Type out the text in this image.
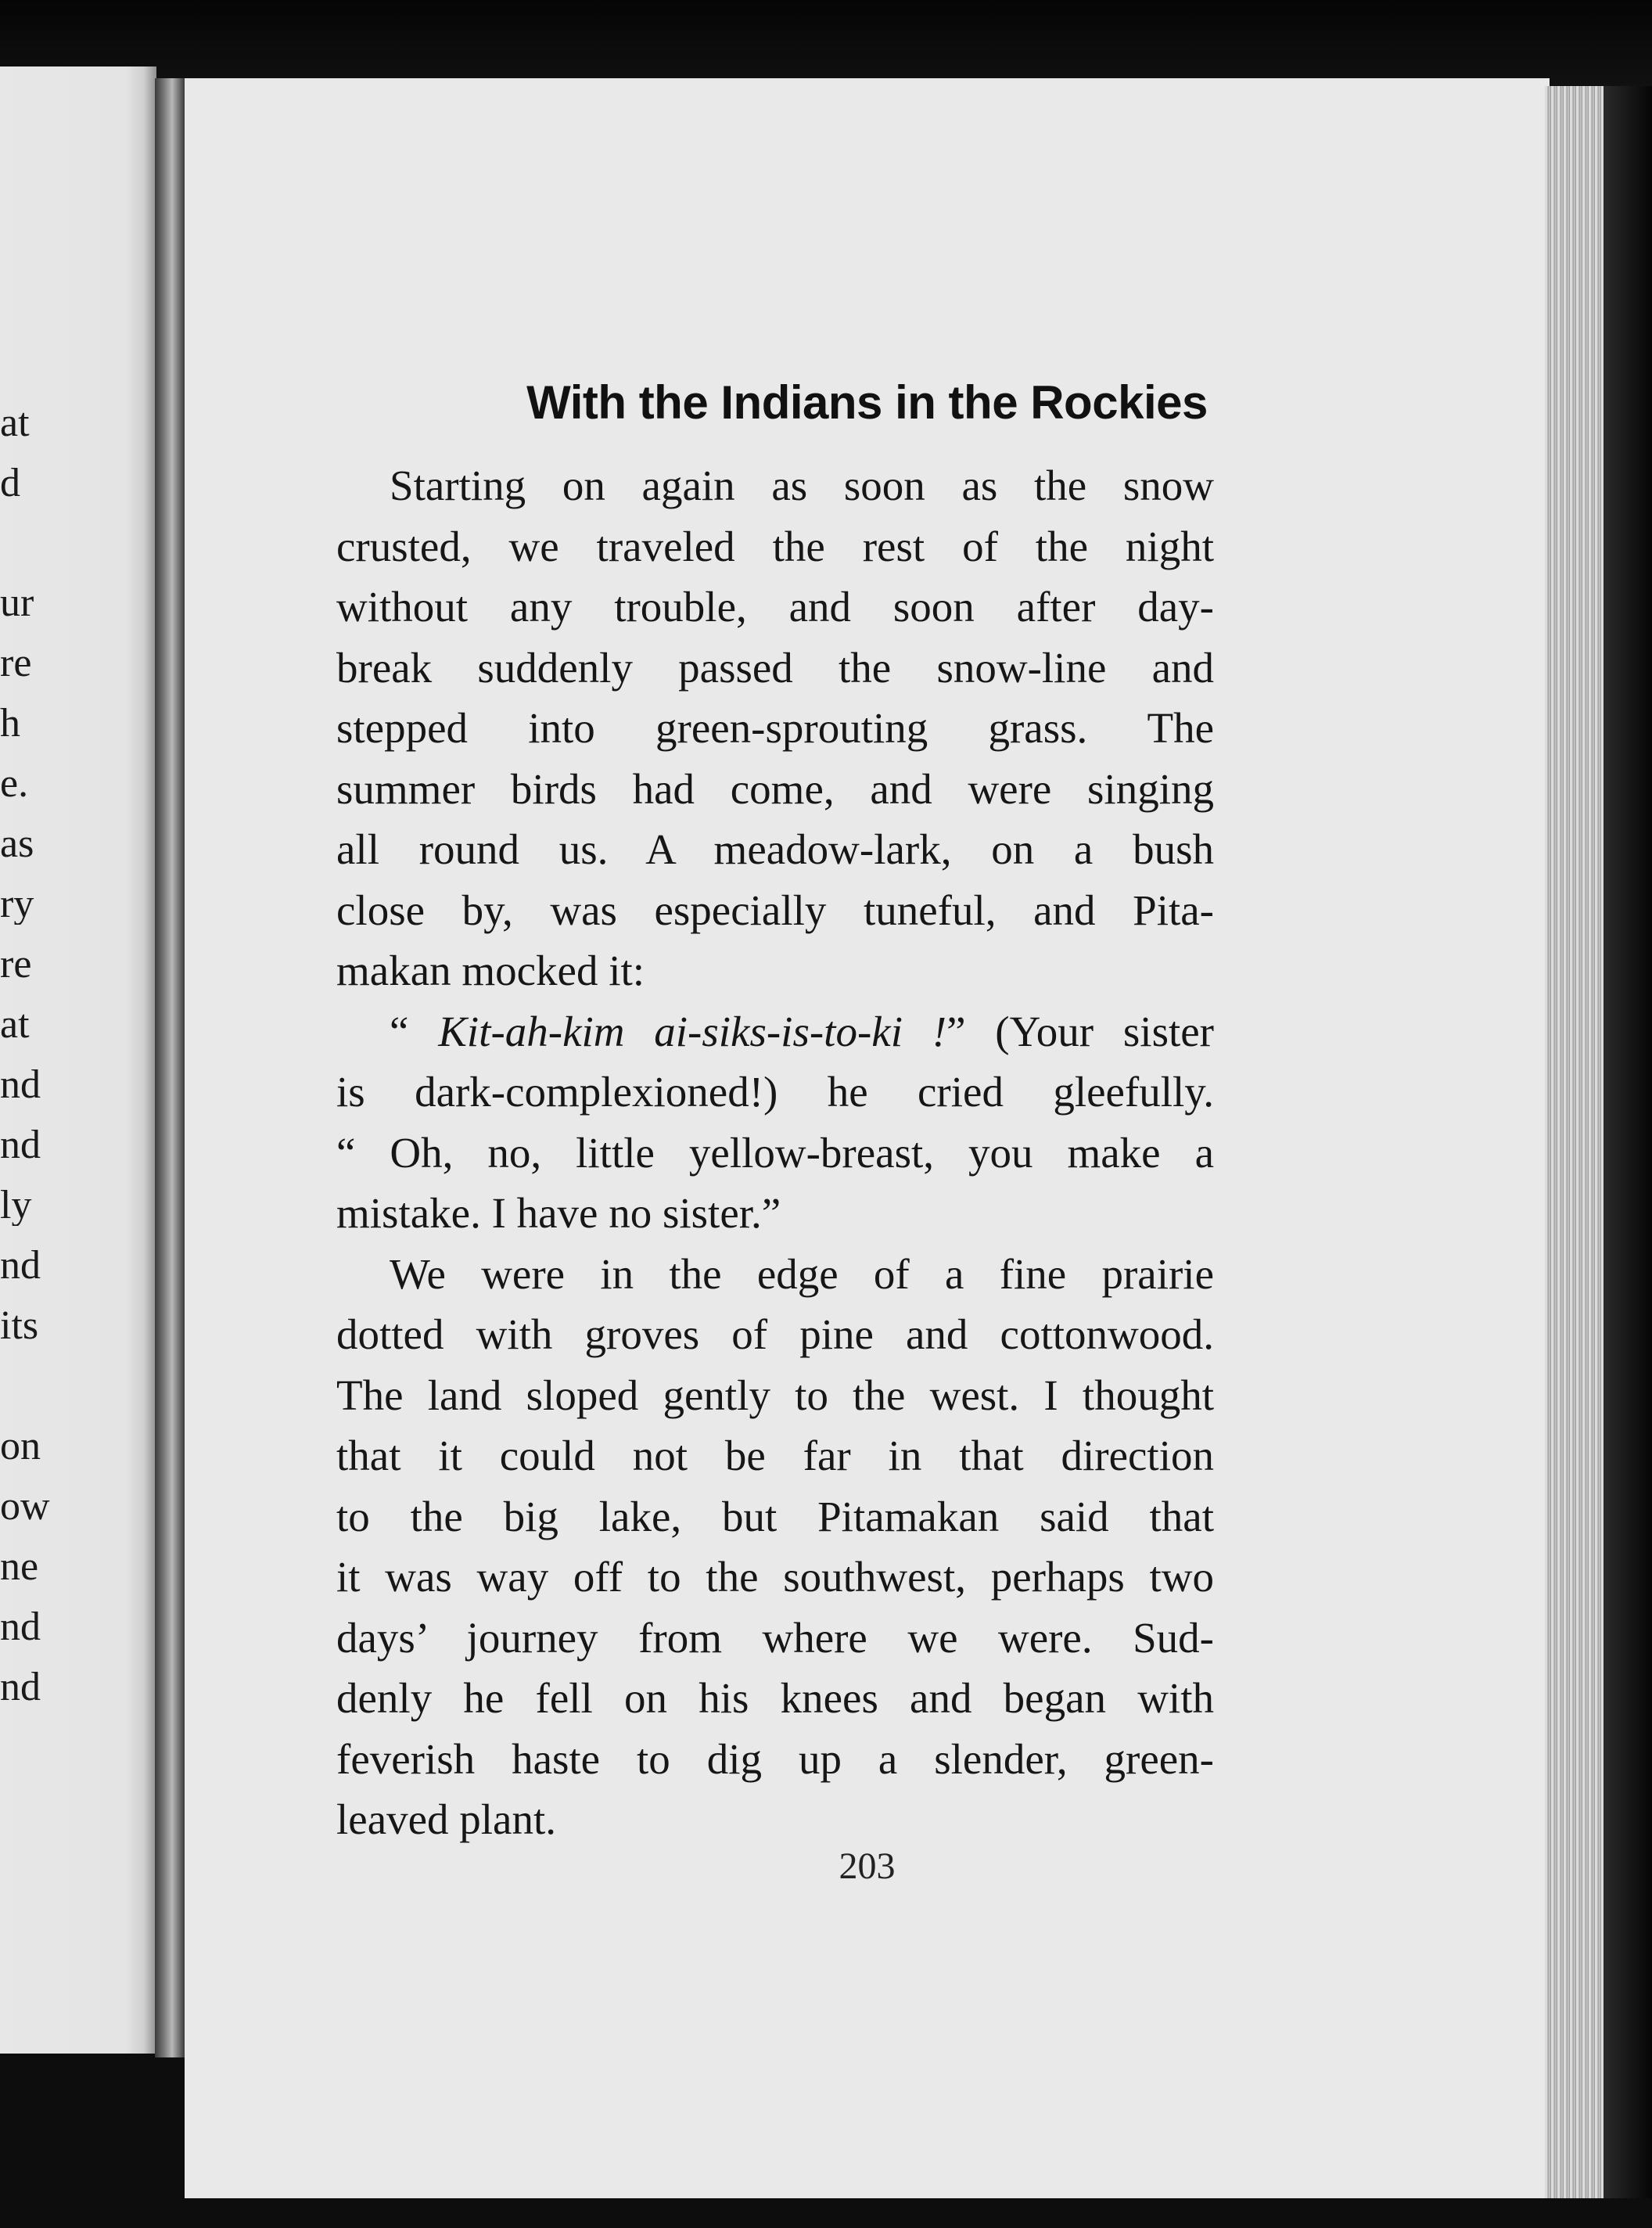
at
d
ur
re
h
e.
as
ry
re
at
nd
nd
ly
nd
its
on
ow
ne
nd
nd
With the Indians in the Rockies
Starting on again as soon as the snow
crusted, we traveled the rest of the night
without any trouble, and soon after day-
break suddenly passed the snow-line and
stepped into green-sprouting grass. The
summer birds had come, and were singing
all round us. A meadow-lark, on a bush
close by, was especially tuneful, and Pita-
makan mocked it:
“ Kit-ah-kim ai-siks-is-to-ki !” (Your sister
is dark-complexioned!) he cried gleefully.
“ Oh, no, little yellow-breast, you make a
mistake. I have no sister.”
We were in the edge of a fine prairie
dotted with groves of pine and cottonwood.
The land sloped gently to the west. I thought
that it could not be far in that direction
to the big lake, but Pitamakan said that
it was way off to the southwest, perhaps two
days’ journey from where we were. Sud-
denly he fell on his knees and began with
feverish haste to dig up a slender, green-
leaved plant.
203
